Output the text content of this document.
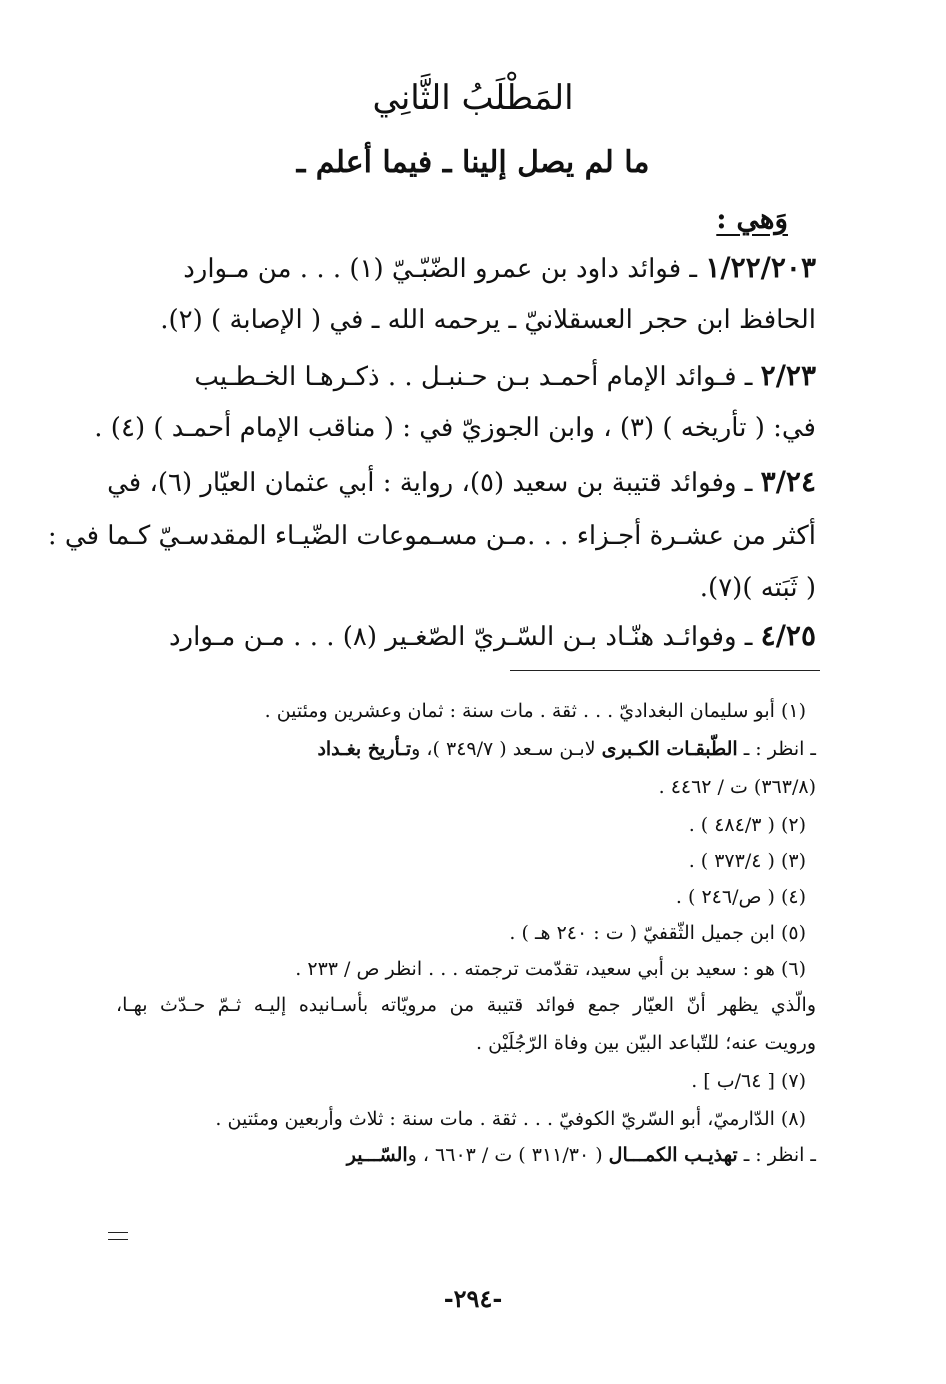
المَطْلَبُ الثَّانِي
ما لم يصل إلينا ـ فيما أعلم ـ
وَهي :
١/٢٢/٢٠٣ ـ فوائد داود بن عمرو الضّبّـيّ (١) . . . من مـوارد
الحافظ ابن حجر العسقلانيّ ـ يرحمه الله ـ في ( الإصابة ) (٢).
٢/٢٣ ـ فـوائد الإمام أحمـد بـن حـنبـل . . ذكـرهـا الخـطـيب
في: ( تأريخه ) (٣) ، وابن الجوزيّ في : ( مناقب الإمام أحمـد ) (٤) .
٣/٢٤ ـ وفوائد قتيبة بن سعيد (٥)، رواية : أبي عثمان العيّار (٦)، في
أكثر من عشـرة أجـزاء . . .مـن مسـموعات الضّيـاء المقدسـيّ كـما في :
( ثَبَته )(٧).
٤/٢٥ ـ وفوائـد هنّـاد بـن السّـريّ الصّغـير (٨) . . . مـن مـوارد
(١) أبو سليمان البغداديّ . . . ثقة . مات سنة : ثمان وعشرين ومئتين .
ـ انظر : ـ الطّبقـات الكـبرى لابـن سـعد ( ٣٤٩/٧ )، وتـأريخ بغـداد
(٣٦٣/٨) ت / ٤٤٦٢ .
(٢) ( ٤٨٤/٣ ) .
(٣) ( ٣٧٣/٤ ) .
(٤) ( ص/٢٤٦ ) .
(٥) ابن جميل الثّقفيّ ( ت : ٢٤٠ هـ ) .
(٦) هو : سعيد بن أبي سعيد، تقدّمت ترجمته . . . انظر ص / ٢٣٣ .
والّذي يظهر أنّ العيّار جمع فوائد قتيبة من مرويّاته بأسـانيده إليـه ثـمّ حـدّث بهـا،
ورويت عنه؛ للتّباعد البيّن بين وفاة الرّجُلَيْن .
(٧) [ ٦٤/ب ] .
(٨) الدّارميّ، أبو السّريّ الكوفيّ . . . ثقة . مات سنة : ثلاث وأربعين ومئتين .
ـ انظر : ـ تهذيـب الكمـــال ( ٣١١/٣٠ ) ت / ٦٦٠٣ ، والسّـــير
-٢٩٤-
